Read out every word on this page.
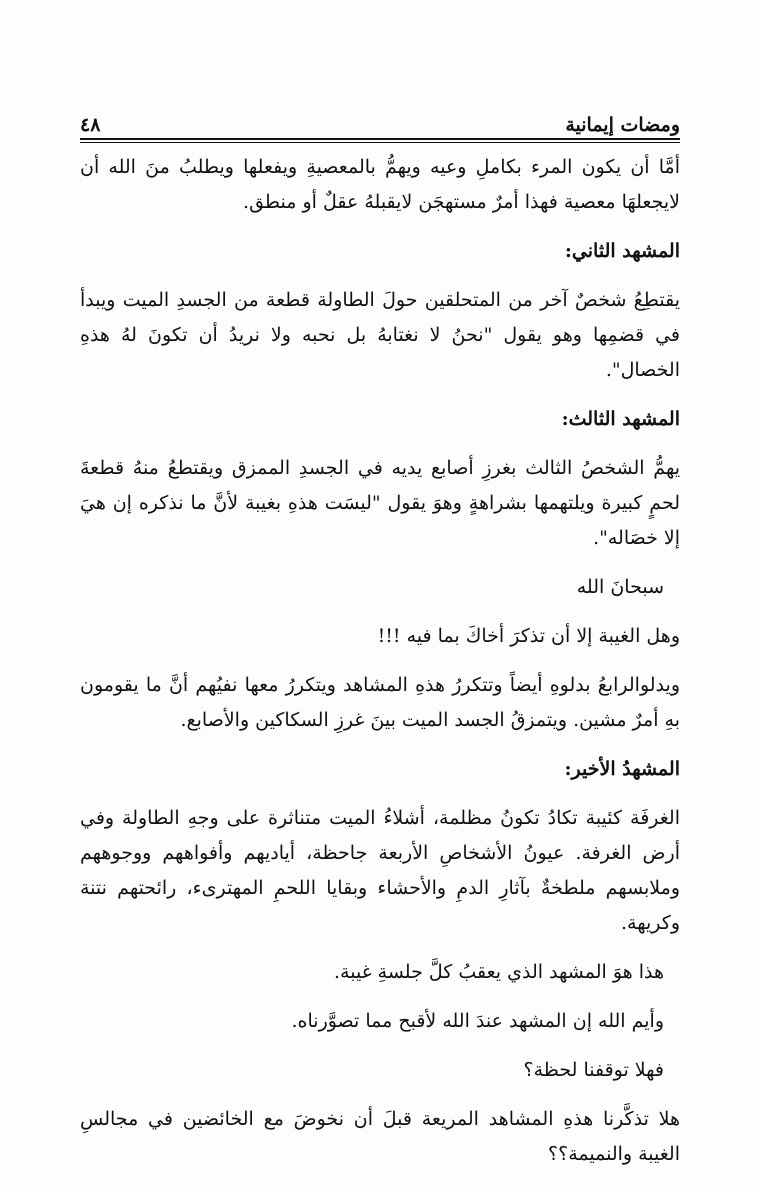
٤٨	ومضات إيمانية

أمَّا أن يكون المرء بكاملِ وعيه ويهمُّ بالمعصيةِ ويفعلها ويطلبُ منَ الله أن لايجعلهَا معصية فهذا أمرٌ مستهجَن لايقبلهُ عقلٌ أو منطق.

المشهد الثاني:

يقتطِعُ شخصٌ آخر من المتحلقين حولَ الطاولة قطعة من الجسدِ الميت ويبدأ في قضمِها وهو يقول "نحنُ لا نغتابهُ بل نحبه ولا نريدُ أن تكونَ لهُ هذهِ الخصال".

المشهد الثالث:

يهمُّ الشخصُ الثالث بغرزِ أصابع يديه في الجسدِ الممزق ويقتطعُ منهُ قطعةَ لحمٍ كبيرة ويلتهمها بشراهةٍ وهوَ يقول "ليسَت هذهِ بغيبة لأنَّ ما نذكره إن هيَ إلا خصَاله".

سبحانَ الله

وهل الغيبة إلا أن تذكرَ أخاكَ بما فيه !!!

ويدلوالرابعُ بدلوهِ أيضاً وتتكررُ هذهِ المشاهد ويتكررُ معها نفيُهم أنَّ ما يقومون بهِ أمرٌ مشين. ويتمزقُ الجسد الميت بينَ غرزِ السكاكين والأصابع.

المشهدُ الأخير:

الغرفَة كئيبة تكادُ تكونُ مظلمة، أشلاءُ الميت متناثرة على وجهِ الطاولة وفي أرض الغرفة. عيونُ الأشخاصِ الأربعة جاحظة، أياديهم وأفواههم ووجوههم وملابسهم ملطخةٌ بآثارِ الدمِ والأحشاء وبقايا اللحمِ المهترىء، رائحتهم نتنة وكريهة.

هذا هوَ المشهد الذي يعقبُ كلَّ جلسةِ غيبة.

وأيم الله إن المشهد عندَ الله لأقبح مما تصوَّرناه.

فهلا توقفنا لحظة؟

هلا تذكَّرنا هذهِ المشاهد المريعة قبلَ أن نخوضَ مع الخائضين في مجالسِ الغيبة والنميمة؟؟
